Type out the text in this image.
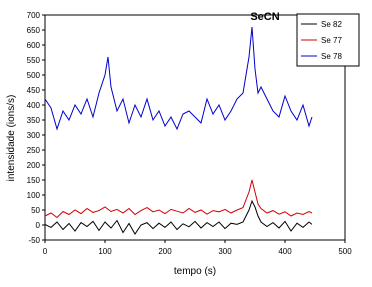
0	100	200	300	400	500
-50
0
50
100
150
200
250
300
350
400
450
500
550
600
650
700
Se 82
Se 77
Se 78
SeCN
tempo (s)
intensidade (ions/s)
